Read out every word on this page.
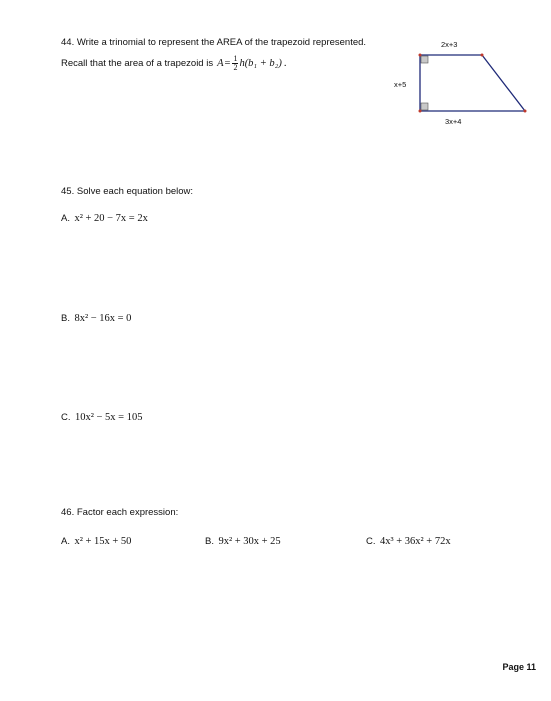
44. Write a trinomial to represent the AREA of the trapezoid represented.
Recall that the area of a trapezoid is $A = \frac{1}{2} h(b_1 + b_2)$ .
2x+3
x+5
3x+4
45. Solve each equation below:
A. x² + 20 − 7x = 2x
B. 8x² − 16x = 0
C. 10x² − 5x = 105
46. Factor each expression:
A. x² + 15x + 50	B. 9x² + 30x + 25	C. 4x³ + 36x² + 72x
Page 11
